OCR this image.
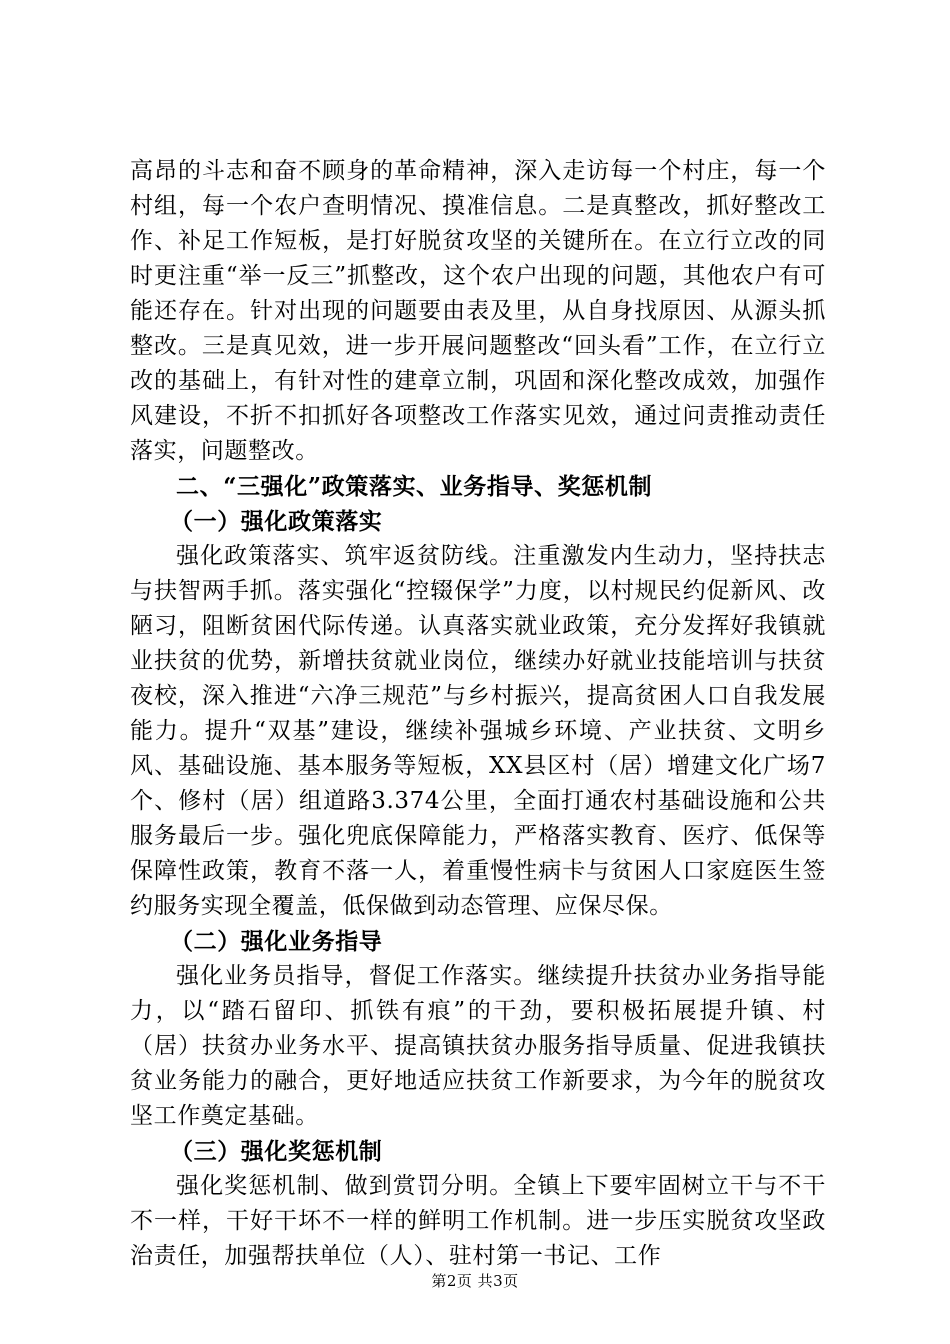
高昂的斗志和奋不顾身的革命精神，深入走访每一个村庄，每一个村组，每一个农户查明情况、摸准信息。二是真整改，抓好整改工作、补足工作短板，是打好脱贫攻坚的关键所在。在立行立改的同时更注重“举一反三”抓整改，这个农户出现的问题，其他农户有可能还存在。针对出现的问题要由表及里，从自身找原因、从源头抓整改。三是真见效，进一步开展问题整改“回头看”工作，在立行立改的基础上，有针对性的建章立制，巩固和深化整改成效，加强作风建设，不折不扣抓好各项整改工作落实见效，通过问责推动责任落实，问题整改。

二、“三强化”政策落实、业务指导、奖惩机制

（一）强化政策落实

强化政策落实、筑牢返贫防线。注重激发内生动力，坚持扶志与扶智两手抓。落实强化“控辍保学”力度，以村规民约促新风、改陋习，阻断贫困代际传递。认真落实就业政策，充分发挥好我镇就业扶贫的优势，新增扶贫就业岗位，继续办好就业技能培训与扶贫夜校，深入推进“六净三规范”与乡村振兴，提高贫困人口自我发展能力。提升“双基”建设，继续补强城乡环境、产业扶贫、文明乡风、基础设施、基本服务等短板，XX县区村（居）增建文化广场7个、修村（居）组道路3.374公里，全面打通农村基础设施和公共服务最后一步。强化兜底保障能力，严格落实教育、医疗、低保等保障性政策，教育不落一人，着重慢性病卡与贫困人口家庭医生签约服务实现全覆盖，低保做到动态管理、应保尽保。

（二）强化业务指导

强化业务员指导，督促工作落实。继续提升扶贫办业务指导能力，以“踏石留印、抓铁有痕”的干劲，要积极拓展提升镇、村（居）扶贫办业务水平、提高镇扶贫办服务指导质量、促进我镇扶贫业务能力的融合，更好地适应扶贫工作新要求，为今年的脱贫攻坚工作奠定基础。

（三）强化奖惩机制

强化奖惩机制、做到赏罚分明。全镇上下要牢固树立干与不干不一样，干好干坏不一样的鲜明工作机制。进一步压实脱贫攻坚政治责任，加强帮扶单位（人）、驻村第一书记、工作

第2页 共3页
